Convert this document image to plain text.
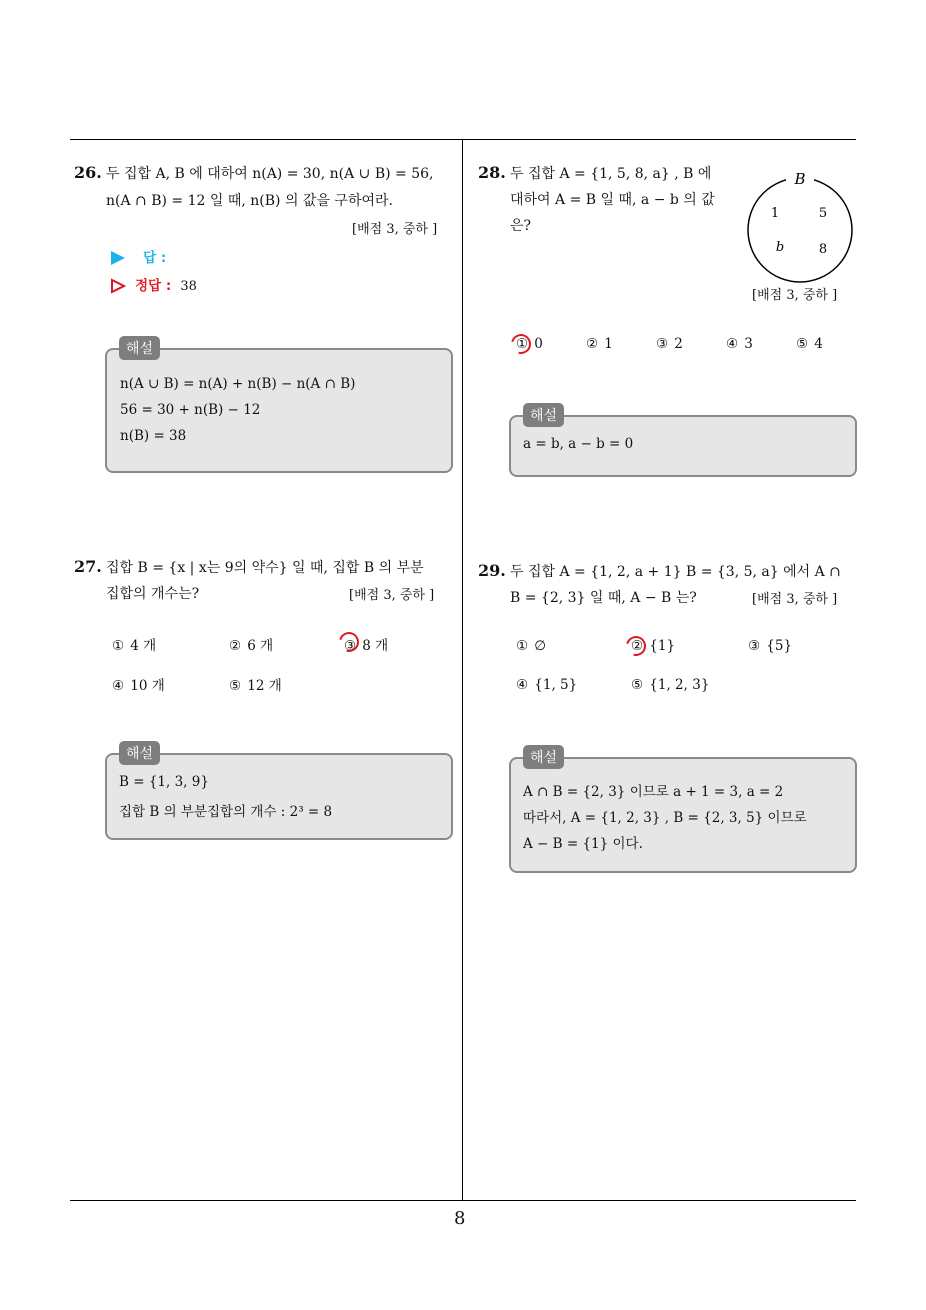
8
26. 두 집합 A, B 에 대하여 n(A) = 30, n(A ∪ B) = 56,
n(A ∩ B) = 12 일 때, n(B) 의 값을 구하여라.
[배점 3, 중하 ]
답 :
정답 : 38
해설
n(A ∪ B) = n(A) + n(B) − n(A ∩ B)
56 = 30 + n(B) − 12
n(B) = 38
27. 집합 B = {x | x는 9의 약수} 일 때, 집합 B 의 부분
집합의 개수는?	[배점 3, 중하 ]
① 4 개	② 6 개	③ 8 개
④ 10 개	⑤ 12 개
해설
B = {1, 3, 9}
집합 B 의 부분집합의 개수 : 2³ = 8
28. 두 집합 A = {1, 5, 8, a} , B 에
대하여 A = B 일 때, a − b 의 값
은?
B
1	5
b	8
[배점 3, 중하 ]
① 0	② 1	③ 2	④ 3	⑤ 4
해설
a = b, a − b = 0
29. 두 집합 A = {1, 2, a + 1} B = {3, 5, a} 에서 A ∩
B = {2, 3} 일 때, A − B 는?	[배점 3, 중하 ]
① ∅	② {1}	③ {5}
④ {1, 5}	⑤ {1, 2, 3}
해설
A ∩ B = {2, 3} 이므로 a + 1 = 3, a = 2
따라서, A = {1, 2, 3} , B = {2, 3, 5} 이므로
A − B = {1} 이다.
